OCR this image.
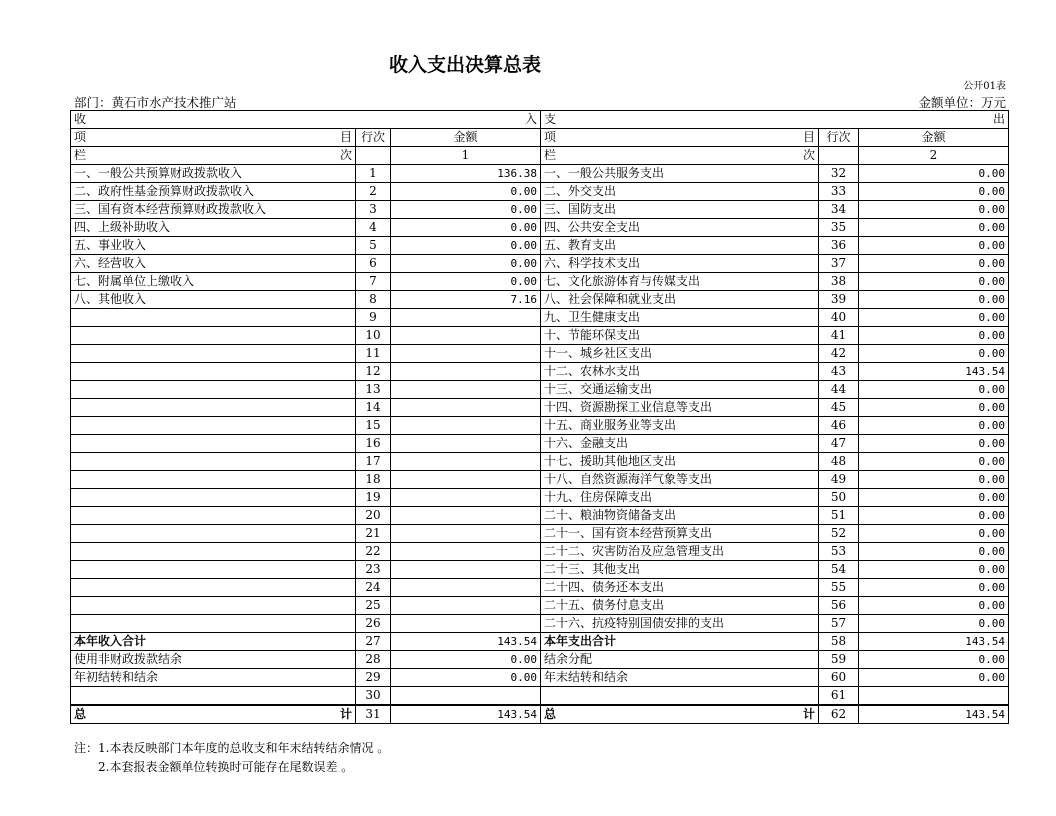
收入支出决算总表
公开01表
部门：黄石市水产技术推广站	金额单位：万元
收 入			支 出		

项 目	行次	金额	项 目	行次	金额

栏 次		1	栏 次		2
一、一般公共预算财政拨款收入	1	136.38	一、一般公共服务支出	32	0.00
二、政府性基金预算财政拨款收入	2	0.00	二、外交支出	33	0.00
三、国有资本经营预算财政拨款收入	3	0.00	三、国防支出	34	0.00
四、上级补助收入	4	0.00	四、公共安全支出	35	0.00
五、事业收入	5	0.00	五、教育支出	36	0.00
六、经营收入	6	0.00	六、科学技术支出	37	0.00
七、附属单位上缴收入	7	0.00	七、文化旅游体育与传媒支出	38	0.00
八、其他收入	8	7.16	八、社会保障和就业支出	39	0.00
	9		九、卫生健康支出	40	0.00
	10		十、节能环保支出	41	0.00
	11		十一、城乡社区支出	42	0.00
	12		十二、农林水支出	43	143.54
	13		十三、交通运输支出	44	0.00
	14		十四、资源勘探工业信息等支出	45	0.00
	15		十五、商业服务业等支出	46	0.00
	16		十六、金融支出	47	0.00
	17		十七、援助其他地区支出	48	0.00
	18		十八、自然资源海洋气象等支出	49	0.00
	19		十九、住房保障支出	50	0.00
	20		二十、粮油物资储备支出	51	0.00
	21		二十一、国有资本经营预算支出	52	0.00
	22		二十二、灾害防治及应急管理支出	53	0.00
	23		二十三、其他支出	54	0.00
	24		二十四、债务还本支出	55	0.00
	25		二十五、债务付息支出	56	0.00
	26		二十六、抗疫特别国债安排的支出	57	0.00
本年收入合计	27	143.54	本年支出合计	58	143.54
使用非财政拨款结余	28	0.00	结余分配	59	0.00
年初结转和结余	29	0.00	年末结转和结余	60	0.00
	30			61	

总 计	31	143.54	总 计	62	143.54
注：1.本表反映部门本年度的总收支和年末结转结余情况 。
2.本套报表金额单位转换时可能存在尾数误差 。
